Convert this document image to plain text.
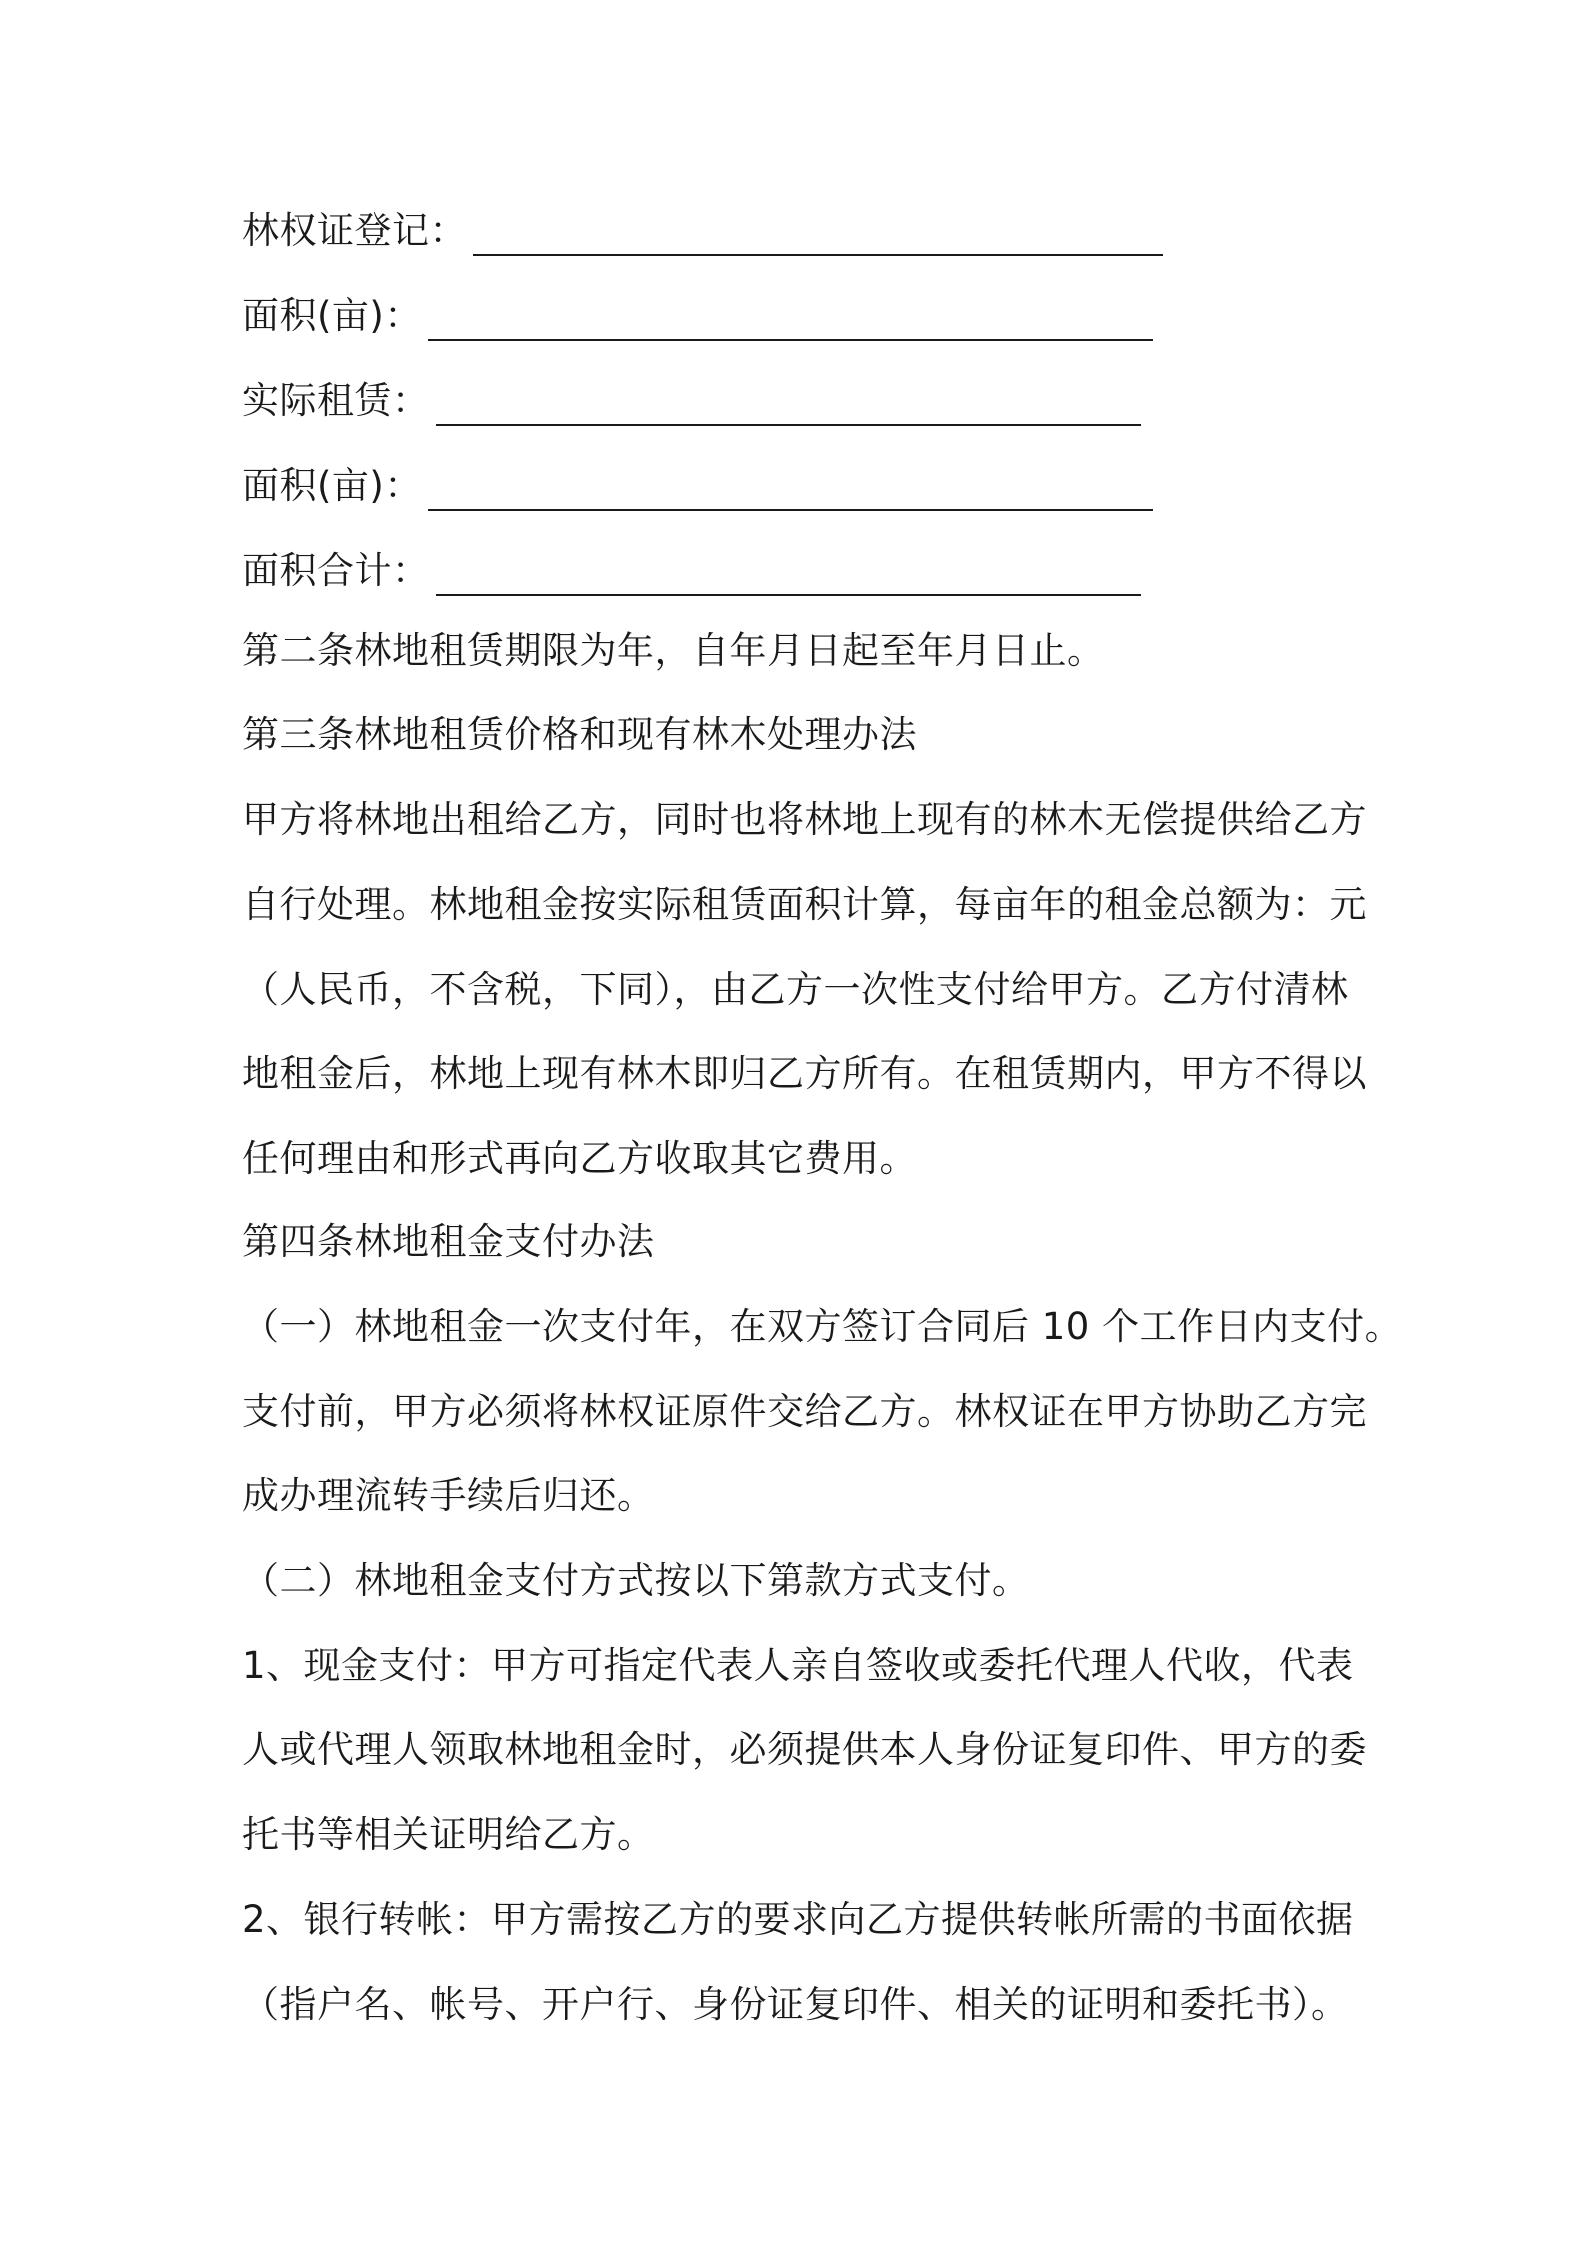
林权证登记：
面积(亩)：
实际租赁：
面积(亩)：
面积合计：
第二条林地租赁期限为年，自年月日起至年月日止。
第三条林地租赁价格和现有林木处理办法
甲方将林地出租给乙方，同时也将林地上现有的林木无偿提供给乙方
自行处理。林地租金按实际租赁面积计算，每亩年的租金总额为：元
（人民币，不含税，下同），由乙方一次性支付给甲方。乙方付清林
地租金后，林地上现有林木即归乙方所有。在租赁期内，甲方不得以
任何理由和形式再向乙方收取其它费用。
第四条林地租金支付办法
（一）林地租金一次支付年，在双方签订合同后 10 个工作日内支付。
支付前，甲方必须将林权证原件交给乙方。林权证在甲方协助乙方完
成办理流转手续后归还。
（二）林地租金支付方式按以下第款方式支付。
1、现金支付：甲方可指定代表人亲自签收或委托代理人代收，代表
人或代理人领取林地租金时，必须提供本人身份证复印件、甲方的委
托书等相关证明给乙方。
2、银行转帐：甲方需按乙方的要求向乙方提供转帐所需的书面依据
（指户名、帐号、开户行、身份证复印件、相关的证明和委托书）。
